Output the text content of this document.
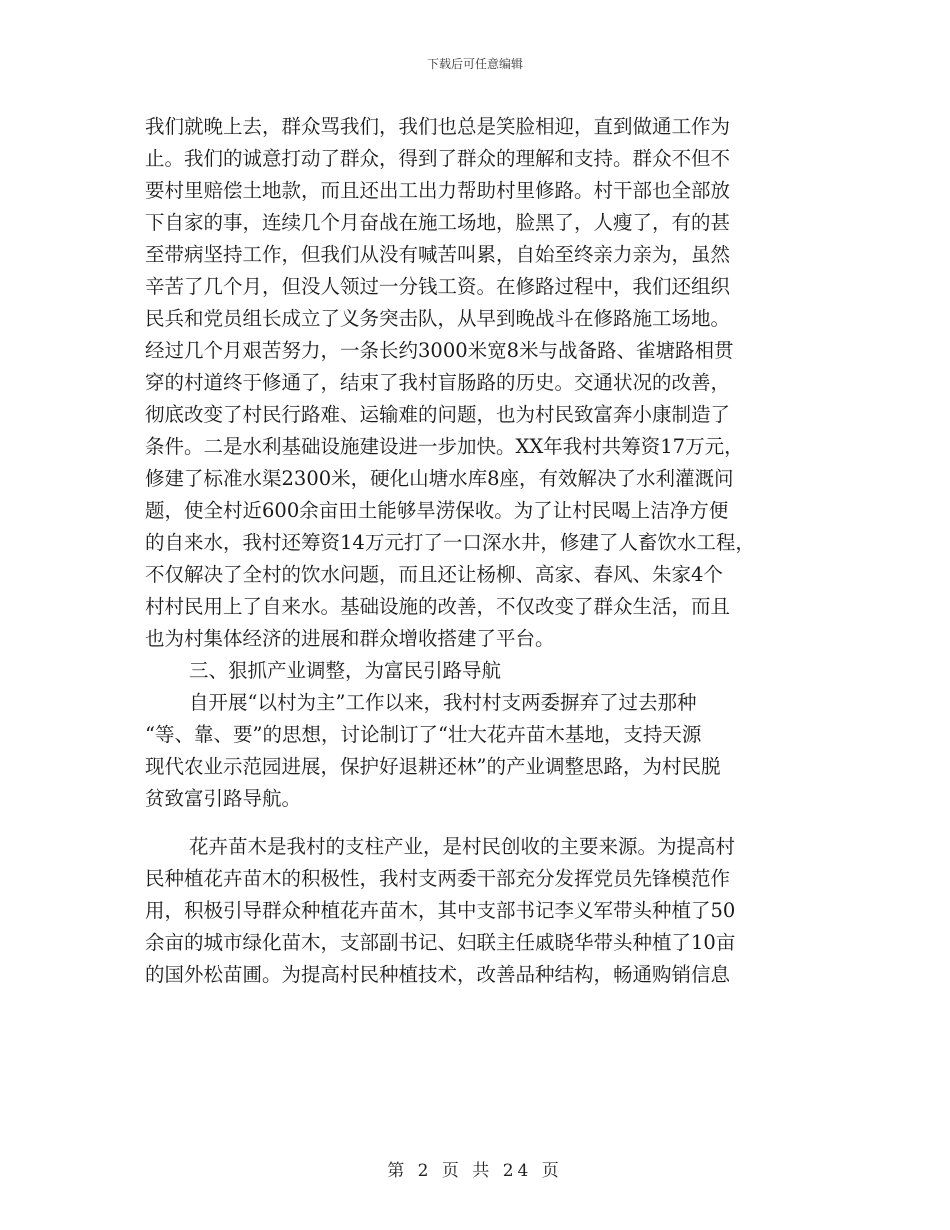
下载后可任意编辑
我们就晚上去，群众骂我们，我们也总是笑脸相迎，直到做通工作为
止。我们的诚意打动了群众，得到了群众的理解和支持。群众不但不
要村里赔偿土地款，而且还出工出力帮助村里修路。村干部也全部放
下自家的事，连续几个月奋战在施工场地，脸黑了，人瘦了，有的甚
至带病坚持工作，但我们从没有喊苦叫累，自始至终亲力亲为，虽然
辛苦了几个月，但没人领过一分钱工资。在修路过程中，我们还组织
民兵和党员组长成立了义务突击队，从早到晚战斗在修路施工场地。
经过几个月艰苦努力，一条长约3000米宽8米与战备路、雀塘路相贯
穿的村道终于修通了，结束了我村盲肠路的历史。交通状况的改善，
彻底改变了村民行路难、运输难的问题，也为村民致富奔小康制造了
条件。二是水利基础设施建设进一步加快。XX年我村共筹资17万元，
修建了标准水渠2300米，硬化山塘水库8座，有效解决了水利灌溉问
题，使全村近600余亩田土能够旱涝保收。为了让村民喝上洁净方便
的自来水，我村还筹资14万元打了一口深水井，修建了人畜饮水工程，
不仅解决了全村的饮水问题，而且还让杨柳、高家、春风、朱家4个
村村民用上了自来水。基础设施的改善，不仅改变了群众生活，而且
也为村集体经济的进展和群众增收搭建了平台。
三、狠抓产业调整，为富民引路导航
自开展“以村为主”工作以来，我村村支两委摒弃了过去那种
“等、靠、要”的思想，讨论制订了“壮大花卉苗木基地，支持天源
现代农业示范园进展，保护好退耕还林”的产业调整思路，为村民脱
贫致富引路导航。
花卉苗木是我村的支柱产业，是村民创收的主要来源。为提高村
民种植花卉苗木的积极性，我村支两委干部充分发挥党员先锋模范作
用，积极引导群众种植花卉苗木，其中支部书记李义军带头种植了50
余亩的城市绿化苗木，支部副书记、妇联主任戚晓华带头种植了10亩
的国外松苗圃。为提高村民种植技术，改善品种结构，畅通购销信息
第 2 页 共 24 页
